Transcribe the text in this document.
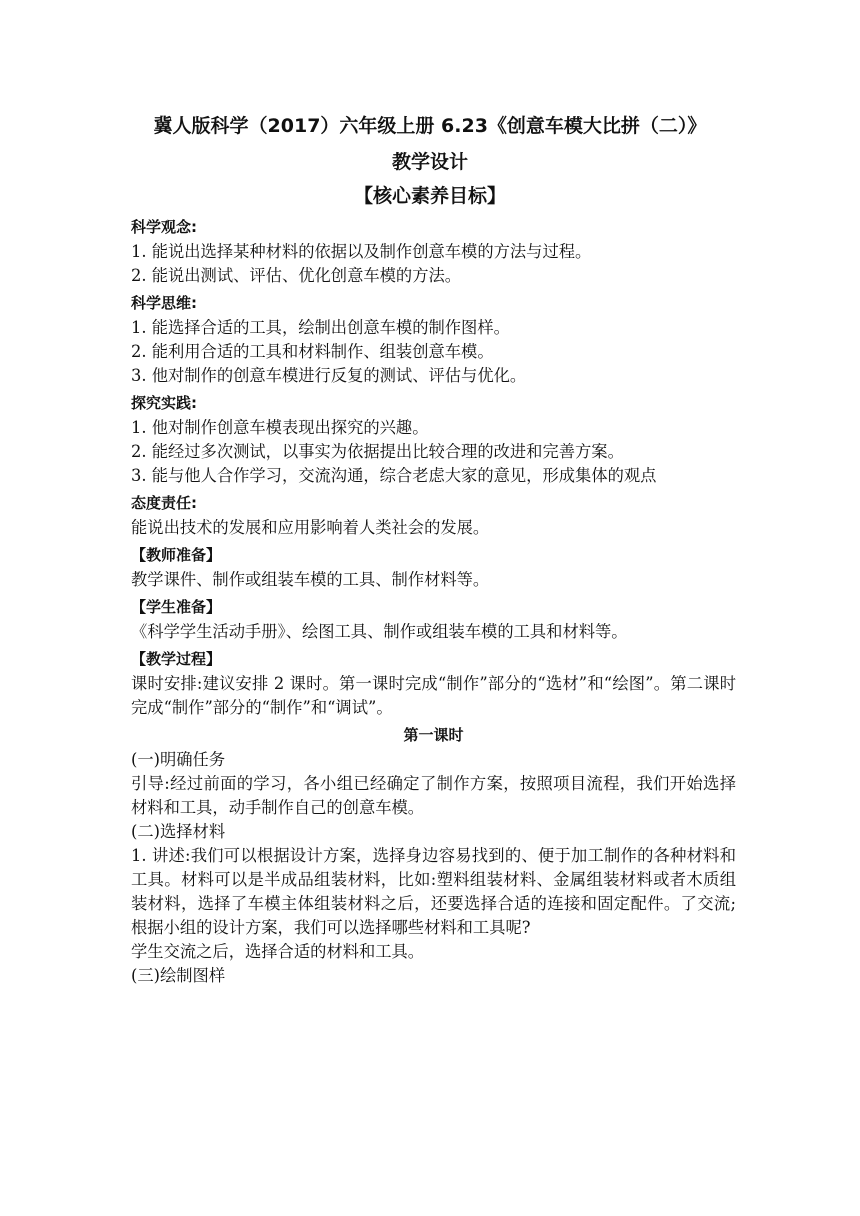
冀人版科学（2017）六年级上册 6.23《创意车模大比拼（二）》
教学设计
【核心素养目标】

科学观念:

1. 能说出选择某种材料的依据以及制作创意车模的方法与过程。

2. 能说出测试、评估、优化创意车模的方法。

科学思维:

1. 能选择合适的工具，绘制出创意车模的制作图样。

2. 能利用合适的工具和材料制作、组装创意车模。

3. 他对制作的创意车模进行反复的测试、评估与优化。

探究实践:

1. 他对制作创意车模表现出探究的兴趣。

2. 能经过多次测试，以事实为依据提出比较合理的改进和完善方案。

3. 能与他人合作学习，交流沟通，综合老虑大家的意见，形成集体的观点

态度责任:

能说出技术的发展和应用影响着人类社会的发展。

【教师准备】

教学课件、制作或组装车模的工具、制作材料等。

【学生准备】

《科学学生活动手册》、绘图工具、制作或组装车模的工具和材料等。

【教学过程】

课时安排:建议安排 2 课时。第一课时完成“制作”部分的“选材”和“绘图”。第二课时完成“制作”部分的“制作”和“调试”。

第一课时

(一)明确任务

引导:经过前面的学习，各小组已经确定了制作方案，按照项目流程，我们开始选择材料和工具，动手制作自己的创意车模。

(二)选择材料

1. 讲述:我们可以根据设计方案，选择身边容易找到的、便于加工制作的各种材料和工具。材料可以是半成品组装材料，比如:塑料组装材料、金属组装材料或者木质组装材料，选择了车模主体组装材料之后，还要选择合适的连接和固定配件。了交流;根据小组的设计方案，我们可以选择哪些材料和工具呢?

学生交流之后，选择合适的材料和工具。

(三)绘制图样
